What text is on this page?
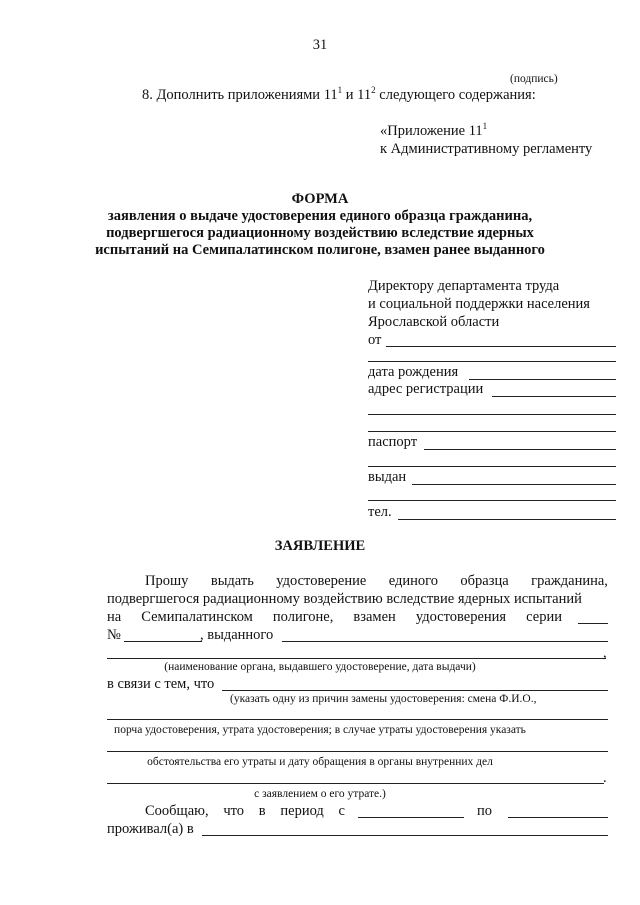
31
(подпись)
8. Дополнить приложениями $11^1$ и $11^2$ следующего содержания:
«Приложение $11^1$
к Административному регламенту
ФОРМА
заявления о выдаче удостоверения единого образца гражданина,
подвергшегося радиационному воздействию вследствие ядерных
испытаний на Семипалатинском полигоне, взамен ранее выданного
Директору департамента труда
и социальной поддержки населения
Ярославской области
от
дата рождения
адрес регистрации
паспорт
выдан
тел.
ЗАЯВЛЕНИЕ
Прошу выдать удостоверение единого образца гражданина,
подвергшегося радиационному воздействию вследствие ядерных испытаний
на Семипалатинском полигоне, взамен удостоверения серии
№	, выданного
,
(наименование органа, выдавшего удостоверение, дата выдачи)
в связи с тем, что
(указать одну из причин замены удостоверения: смена Ф.И.О.,
порча удостоверения, утрата удостоверения; в случае утраты удостоверения указать
обстоятельства его утраты и дату обращения в органы внутренних дел
.
с заявлением о его утрате.)
Сообщаю, что в период с	по
проживал(а) в
